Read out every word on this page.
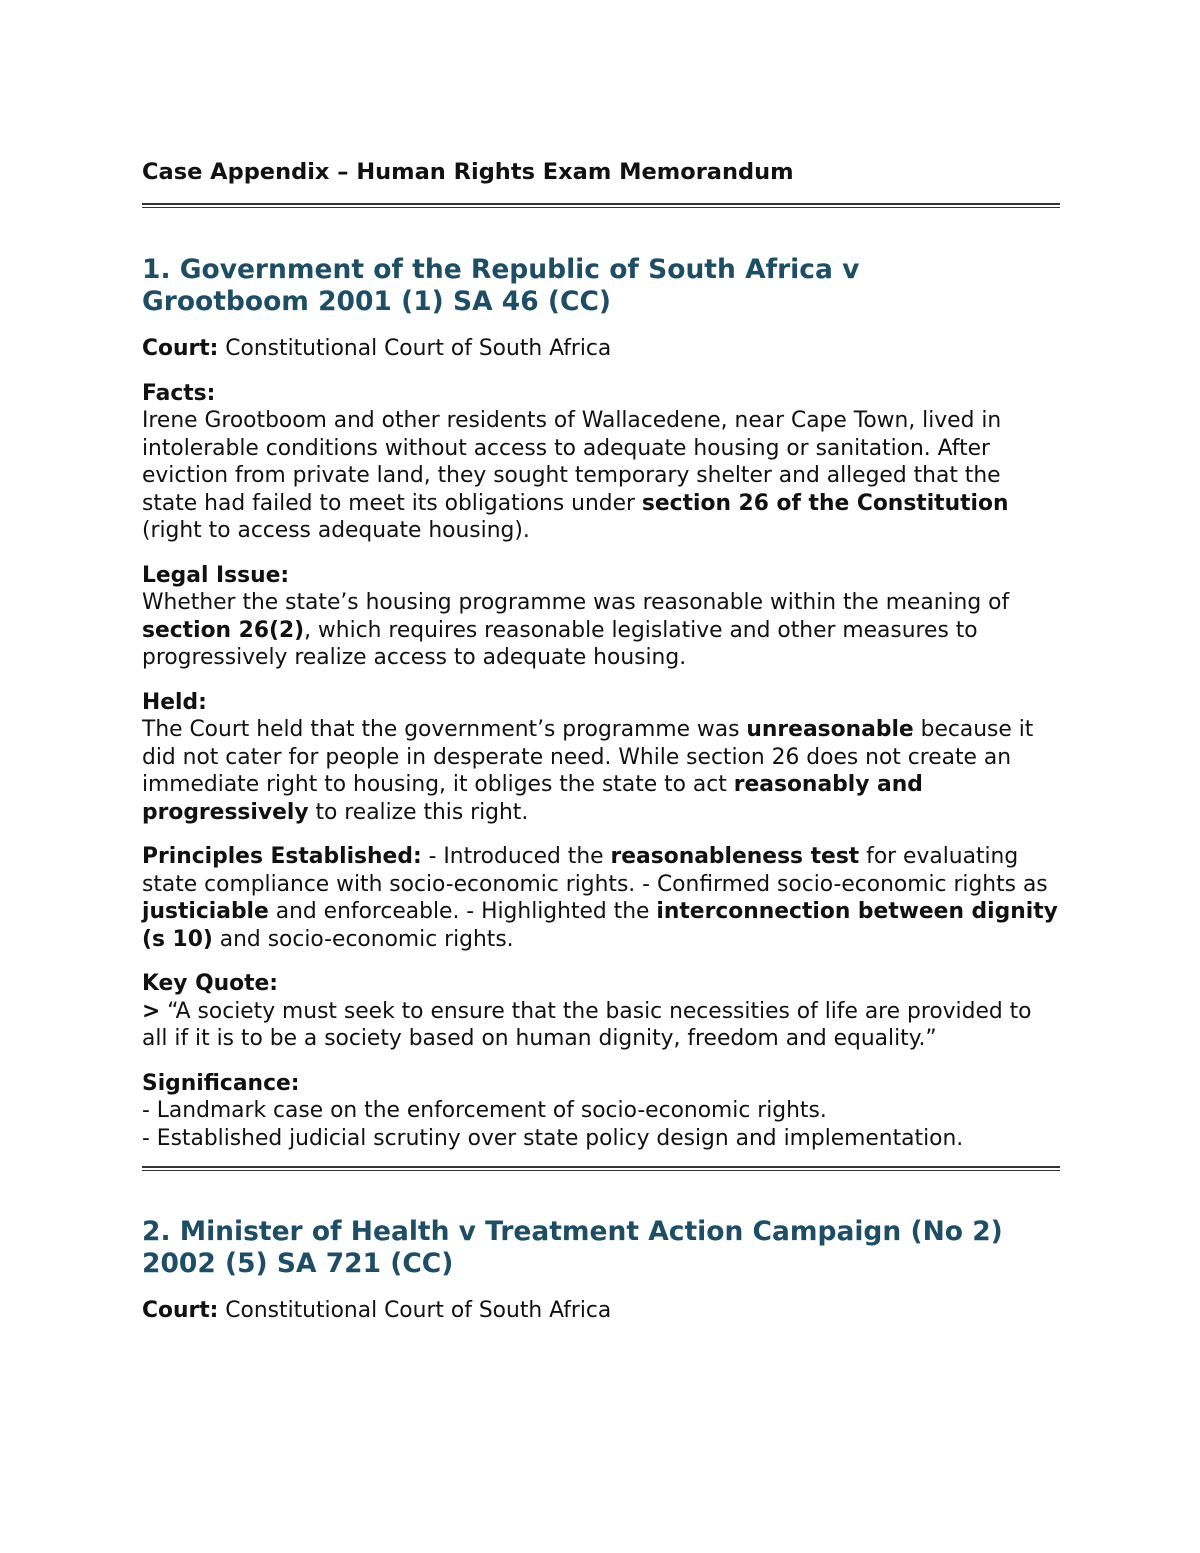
Case Appendix – Human Rights Exam Memorandum
1. Government of the Republic of South Africa v
Grootboom 2001 (1) SA 46 (CC)

Court: Constitutional Court of South Africa

Facts:

Irene Grootboom and other residents of Wallacedene, near Cape Town, lived in intolerable conditions without access to adequate housing or sanitation. After eviction from private land, they sought temporary shelter and alleged that the state had failed to meet its obligations under section 26 of the Constitution (right to access adequate housing).

Legal Issue:

Whether the state’s housing programme was reasonable within the meaning of section 26(2), which requires reasonable legislative and other measures to progressively realize access to adequate housing.

Held:

The Court held that the government’s programme was unreasonable because it did not cater for people in desperate need. While section 26 does not create an immediate right to housing, it obliges the state to act reasonably and progressively to realize this right.

Principles Established: - Introduced the reasonableness test for evaluating state compliance with socio-economic rights. - Confirmed socio-economic rights as justiciable and enforceable. - Highlighted the interconnection between dignity (s 10) and socio-economic rights.

Key Quote:

> “A society must seek to ensure that the basic necessities of life are provided to all if it is to be a society based on human dignity, freedom and equality.”

Significance:

- Landmark case on the enforcement of socio-economic rights.

- Established judicial scrutiny over state policy design and implementation.

2. Minister of Health v Treatment Action Campaign (No 2)
2002 (5) SA 721 (CC)

Court: Constitutional Court of South Africa
